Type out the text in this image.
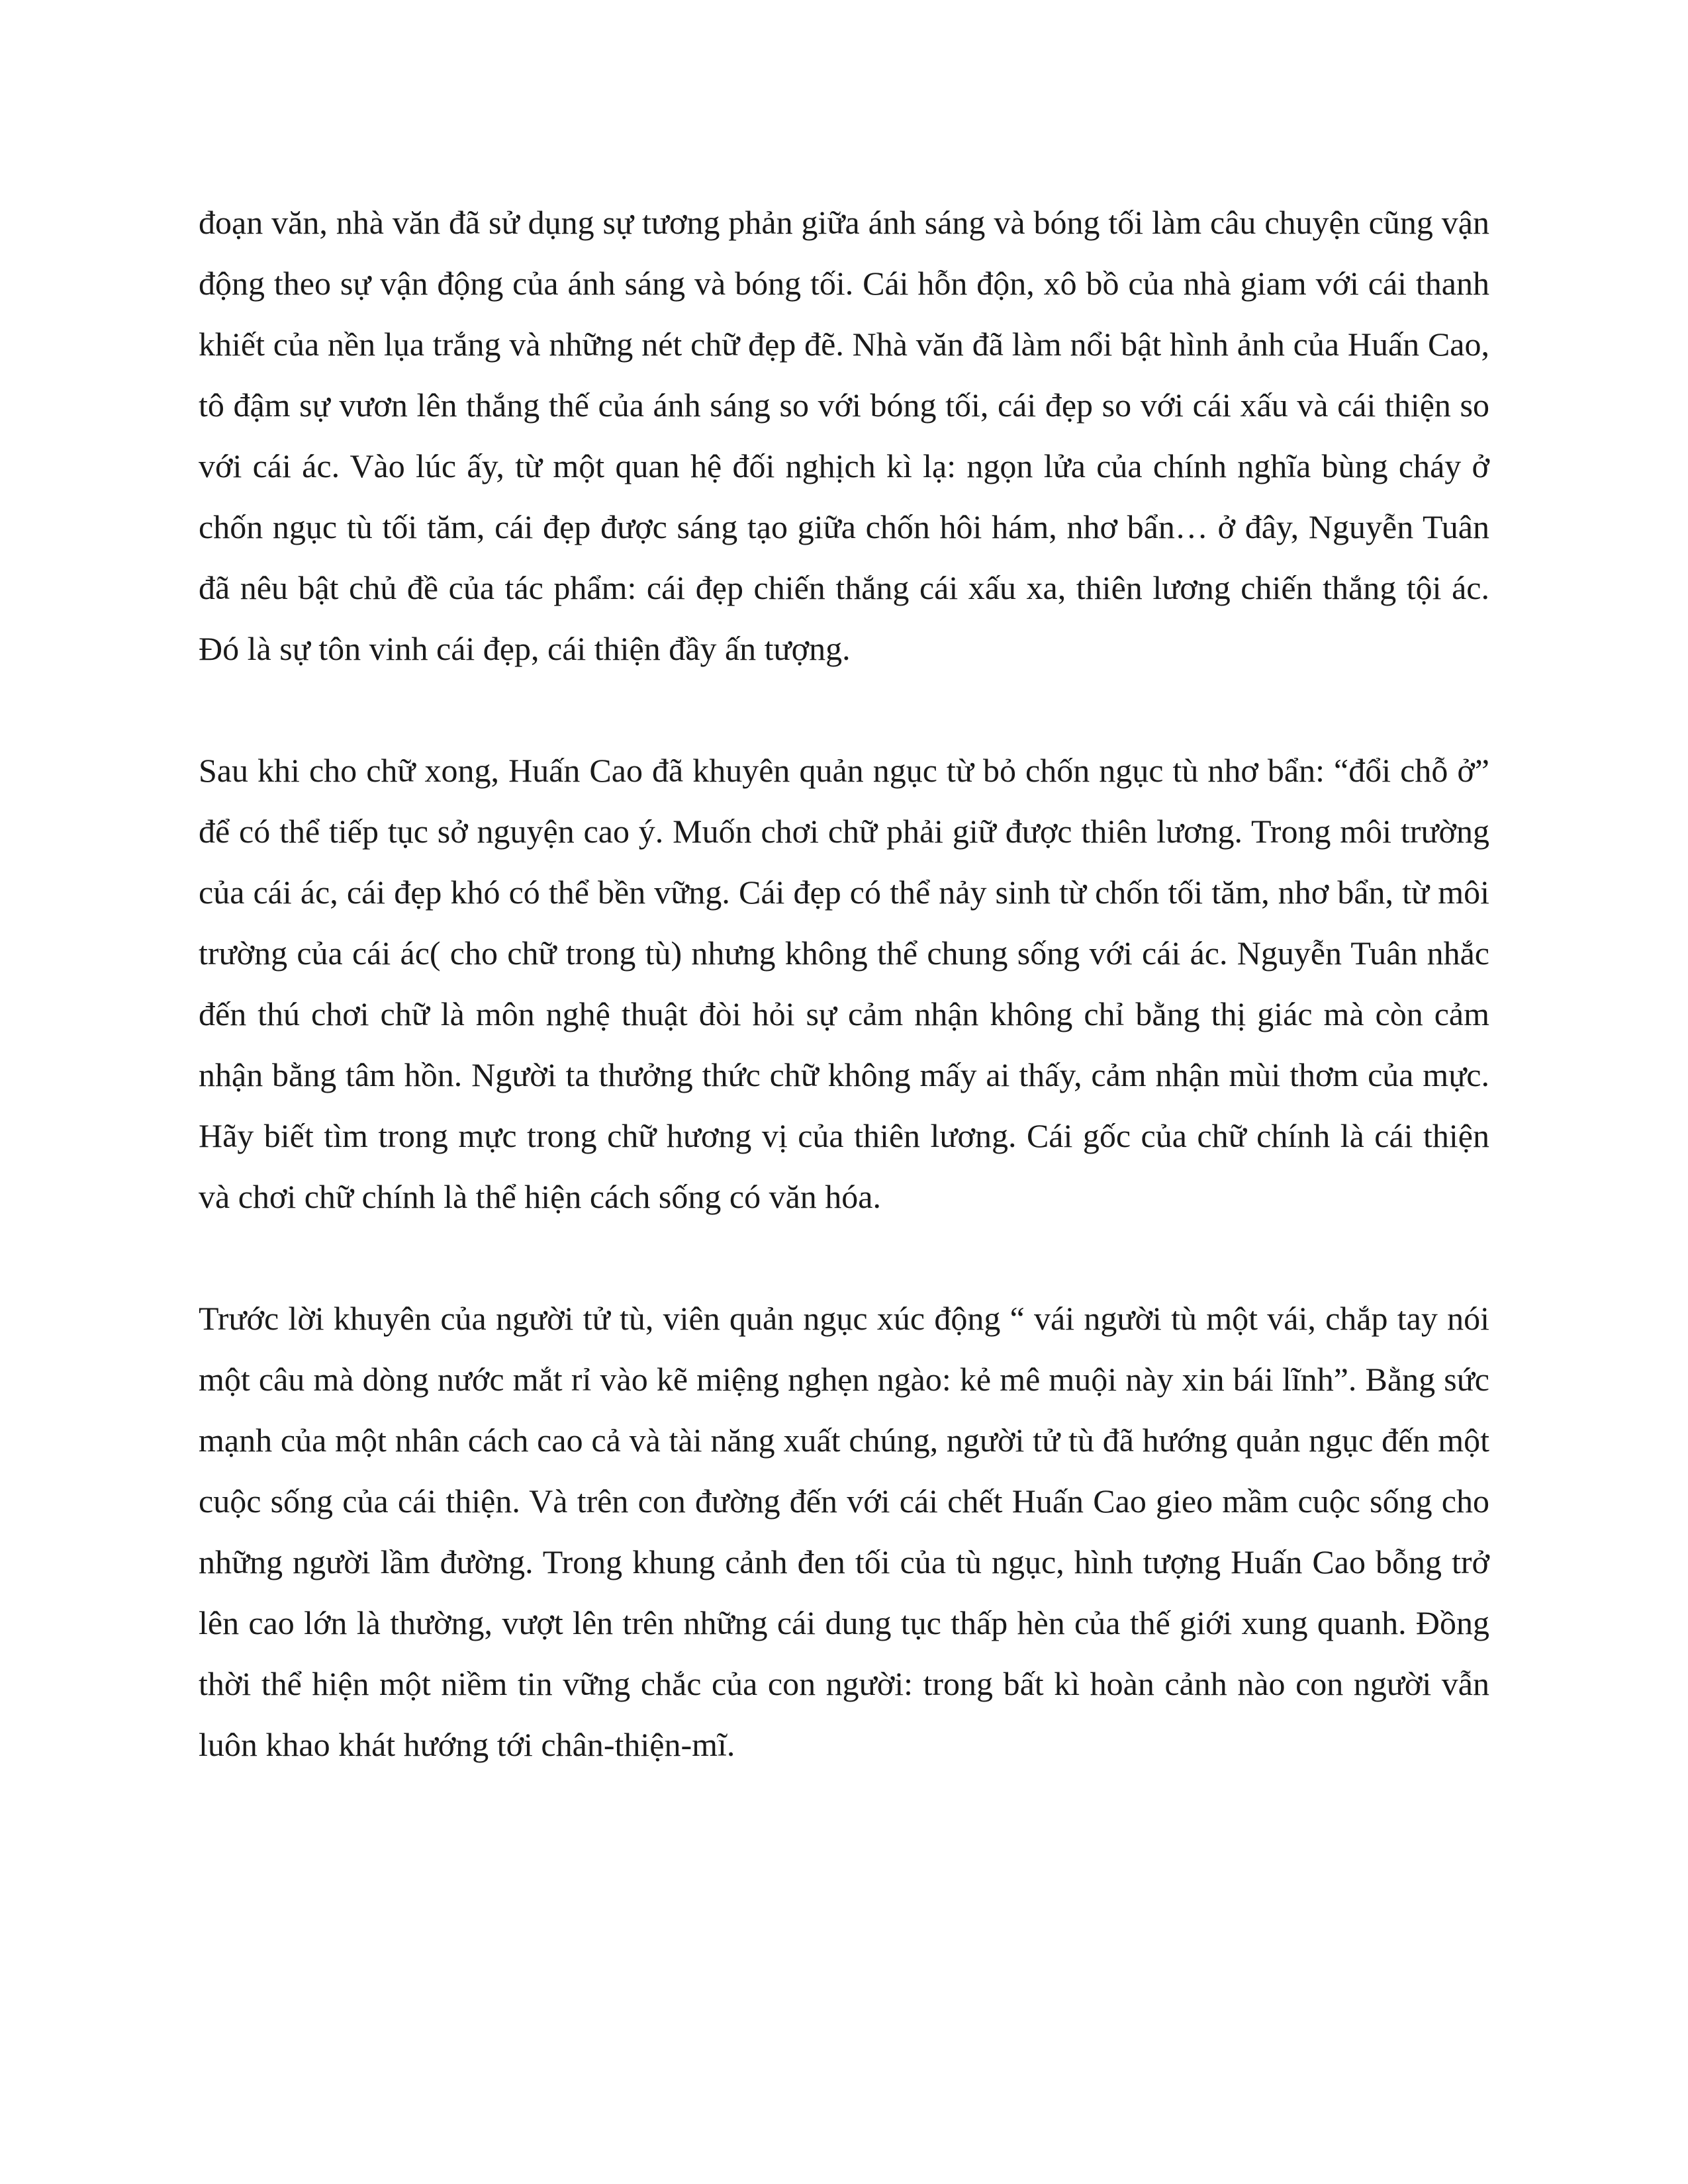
đoạn văn, nhà văn đã sử dụng sự tương phản giữa ánh sáng và bóng tối làm câu chuyện cũng vận động theo sự vận động của ánh sáng và bóng tối. Cái hỗn độn, xô bồ của nhà giam với cái thanh khiết của nền lụa trắng và những nét chữ đẹp đẽ. Nhà văn đã làm nổi bật hình ảnh của Huấn Cao, tô đậm sự vươn lên thắng thế của ánh sáng so với bóng tối, cái đẹp so với cái xấu và cái thiện so với cái ác. Vào lúc ấy, từ một quan hệ đối nghịch kì lạ: ngọn lửa của chính nghĩa bùng cháy ở chốn ngục tù tối tăm, cái đẹp được sáng tạo giữa chốn hôi hám, nhơ bẩn… ở đây, Nguyễn Tuân đã nêu bật chủ đề của tác phẩm: cái đẹp chiến thắng cái xấu xa, thiên lương chiến thắng tội ác. Đó là sự tôn vinh cái đẹp, cái thiện đầy ấn tượng.

Sau khi cho chữ xong, Huấn Cao đã khuyên quản ngục từ bỏ chốn ngục tù nhơ bẩn: “đổi chỗ ở” để có thể tiếp tục sở nguyện cao ý. Muốn chơi chữ phải giữ được thiên lương. Trong môi trường của cái ác, cái đẹp khó có thể bền vững. Cái đẹp có thể nảy sinh từ chốn tối tăm, nhơ bẩn, từ môi trường của cái ác( cho chữ trong tù) nhưng không thể chung sống với cái ác. Nguyễn Tuân nhắc đến thú chơi chữ là môn nghệ thuật đòi hỏi sự cảm nhận không chỉ bằng thị giác mà còn cảm nhận bằng tâm hồn. Người ta thưởng thức chữ không mấy ai thấy, cảm nhận mùi thơm của mực. Hãy biết tìm trong mực trong chữ hương vị của thiên lương. Cái gốc của chữ chính là cái thiện và chơi chữ chính là thể hiện cách sống có văn hóa.

Trước lời khuyên của người tử tù, viên quản ngục xúc động “ vái người tù một vái, chắp tay nói một câu mà dòng nước mắt rỉ vào kẽ miệng nghẹn ngào: kẻ mê muội này xin bái lĩnh”. Bằng sức mạnh của một nhân cách cao cả và tài năng xuất chúng, người tử tù đã hướng quản ngục đến một cuộc sống của cái thiện. Và trên con đường đến với cái chết Huấn Cao gieo mầm cuộc sống cho những người lầm đường. Trong khung cảnh đen tối của tù ngục, hình tượng Huấn Cao bỗng trở lên cao lớn là thường, vượt lên trên những cái dung tục thấp hèn của thế giới xung quanh. Đồng thời thể hiện một niềm tin vững chắc của con người: trong bất kì hoàn cảnh nào con người vẫn luôn khao khát hướng tới chân-thiện-mĩ.
